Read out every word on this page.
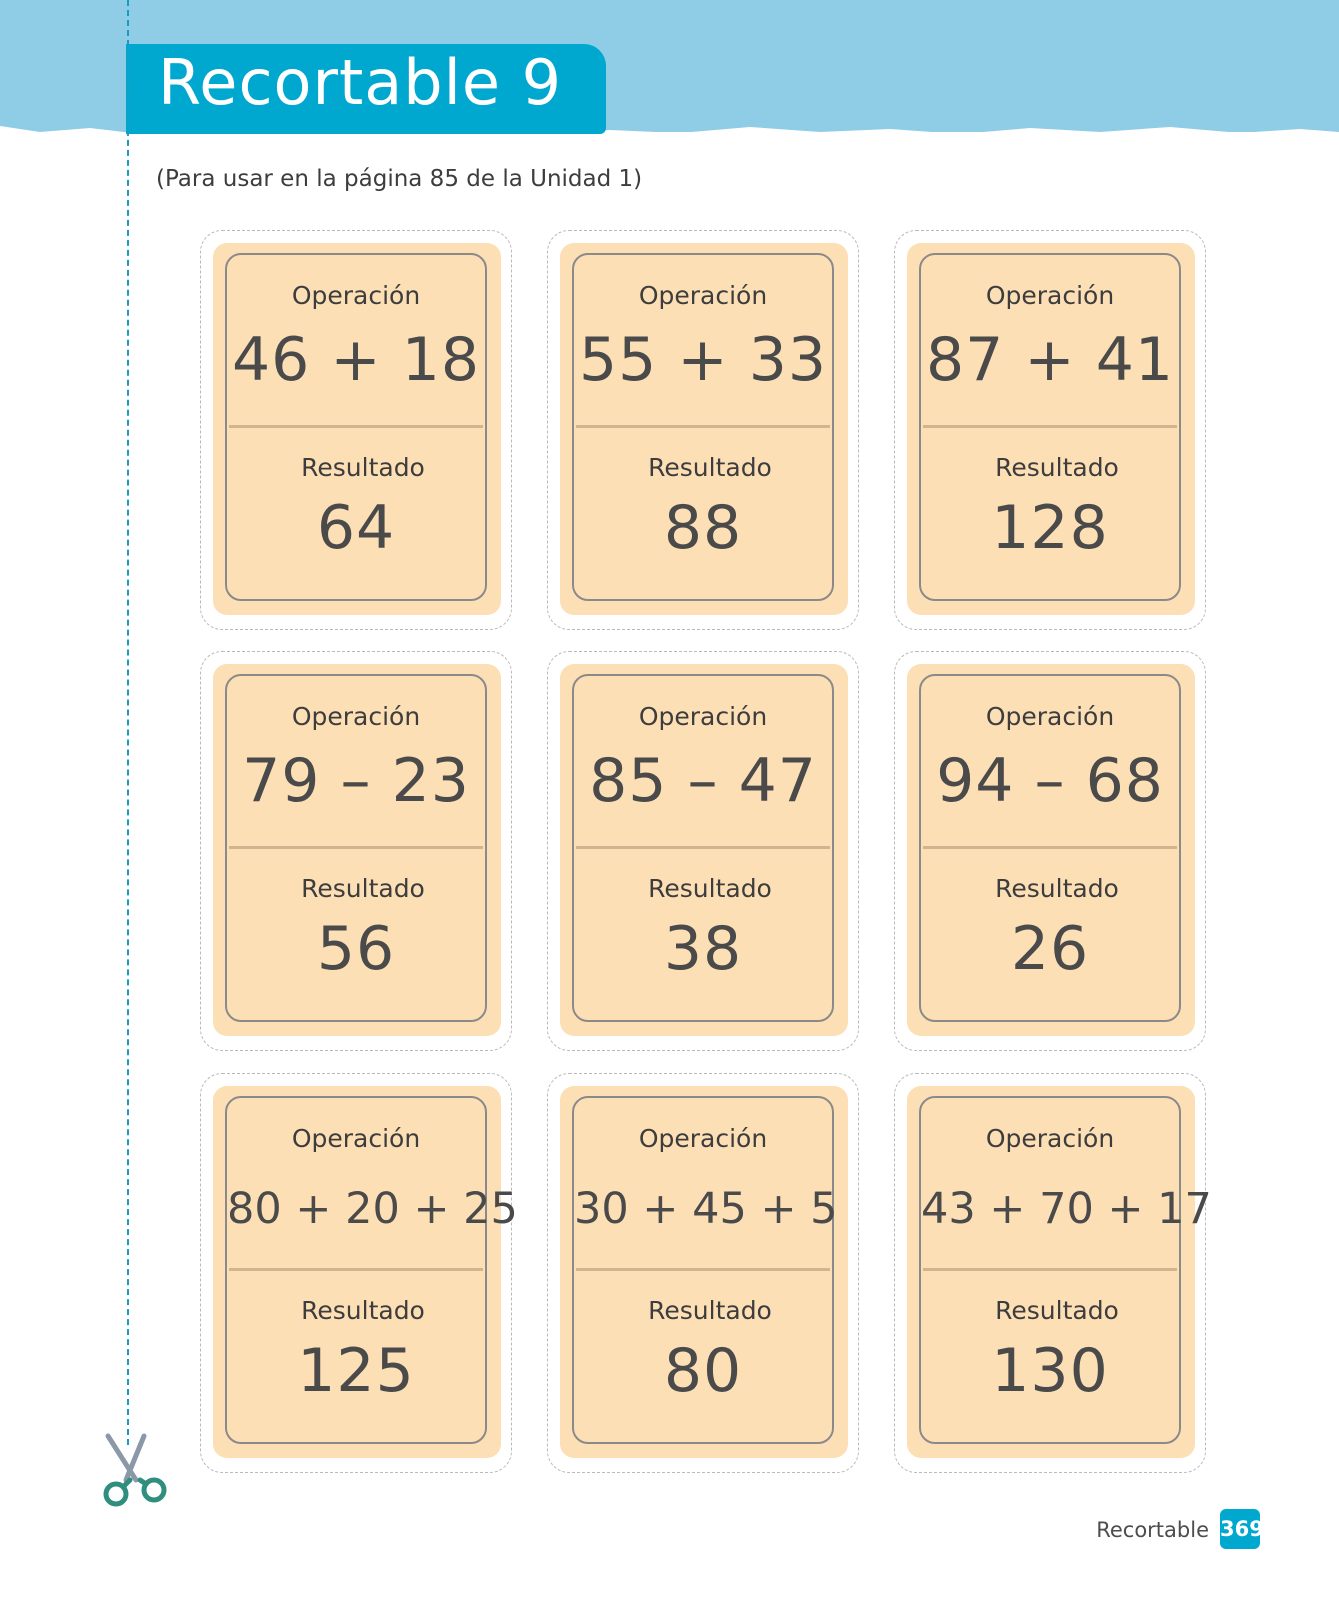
Recortable 9
(Para usar en la página 85 de la Unidad 1)
Operación
46 + 18
Resultado
64
Operación
55 + 33
Resultado
88
Operación
87 + 41
Resultado
128
Operación
79 – 23
Resultado
56
Operación
85 – 47
Resultado
38
Operación
94 – 68
Resultado
26
Operación
80 + 20 + 25
Resultado
125
Operación
30 + 45 + 5
Resultado
80
Operación
43 + 70 + 17
Resultado
130
Recortable 369
